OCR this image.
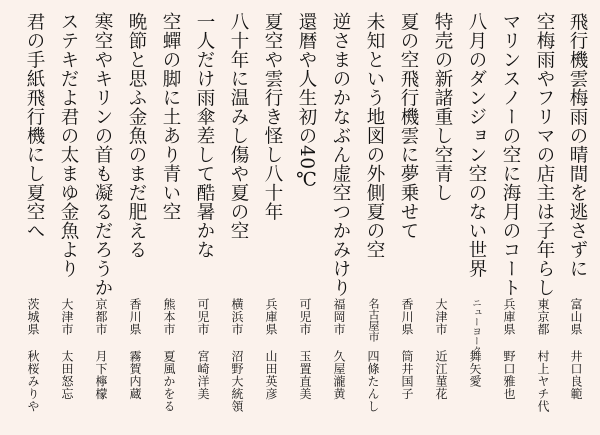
飛行機雲梅雨の晴間を逃さずに
富山県
井口良範
空梅雨やフリマの店主は子年らし
東京都
村上ヤチ代
マリンスノーの空に海月のコート
兵庫県
野口雅也
八月のダンジョン空のない世界
ニューヨーク
舞矢愛
特売の新諸重し空青し
大津市
近江菫花
夏の空飛行機雲に夢乗せて
香川県
筒井国子
未知という地図の外側夏の空
名古屋市
四條たんし
逆さまのかなぶん虚空つかみけり
福岡市
久屋瀧黄
還暦や人生初の40℃
可児市
玉置直美
夏空や雲行き怪し八十年
兵庫県
山田英彦
八十年に温みし傷や夏の空
横浜市
沼野大統領
一人だけ雨傘差して酷暑かな
可児市
宮崎洋美
空蟬の脚に土あり青い空
熊本市
夏風かをる
晩節と思ふ金魚のまだ肥える
香川県
霧賀内蔵
寒空やキリンの首も凝るだろうか
京都市
月下檸檬
ステキだよ君の太まゆ金魚より
大津市
太田怒忘
君の手紙飛行機にし夏空へ
茨城県
秋桜みりや
